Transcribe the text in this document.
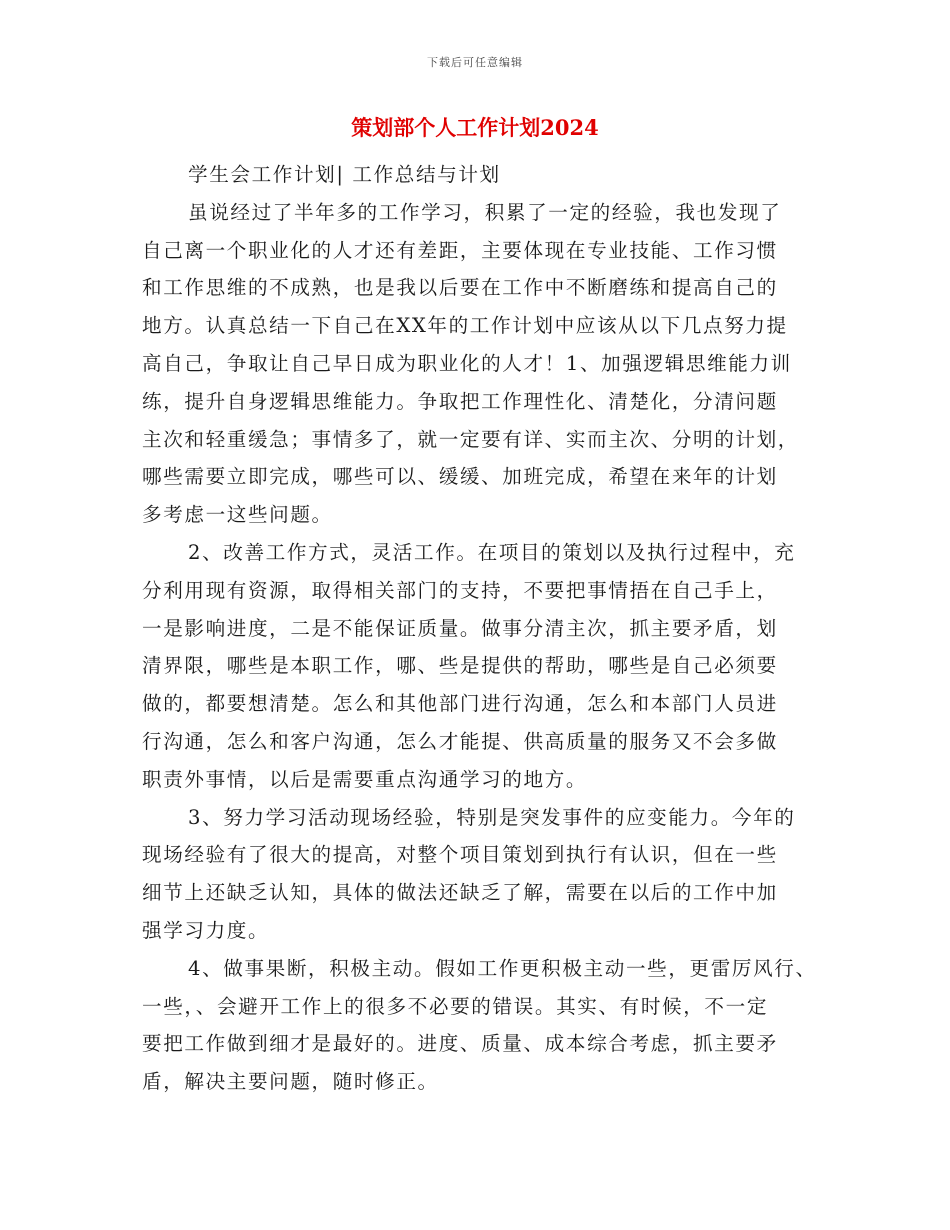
下载后可任意编辑
策划部个人工作计划2024
学生会工作计划| 工作总结与计划
虽说经过了半年多的工作学习，积累了一定的经验，我也发现了
自己离一个职业化的人才还有差距，主要体现在专业技能、工作习惯
和工作思维的不成熟，也是我以后要在工作中不断磨练和提高自己的
地方。认真总结一下自己在XX年的工作计划中应该从以下几点努力提
高自己，争取让自己早日成为职业化的人才！1、加强逻辑思维能力训
练，提升自身逻辑思维能力。争取把工作理性化、清楚化，分清问题
主次和轻重缓急；事情多了，就一定要有详、实而主次、分明的计划，
哪些需要立即完成，哪些可以、缓缓、加班完成，希望在来年的计划
多考虑一这些问题。
2、改善工作方式，灵活工作。在项目的策划以及执行过程中，充
分利用现有资源，取得相关部门的支持，不要把事情捂在自己手上，
一是影响进度，二是不能保证质量。做事分清主次，抓主要矛盾，划
清界限，哪些是本职工作，哪、些是提供的帮助，哪些是自己必须要
做的，都要想清楚。怎么和其他部门进行沟通，怎么和本部门人员进
行沟通，怎么和客户沟通，怎么才能提、供高质量的服务又不会多做
职责外事情，以后是需要重点沟通学习的地方。
3、努力学习活动现场经验，特别是突发事件的应变能力。今年的
现场经验有了很大的提高，对整个项目策划到执行有认识，但在一些
细节上还缺乏认知，具体的做法还缺乏了解，需要在以后的工作中加
强学习力度。
4、做事果断，积极主动。假如工作更积极主动一些，更雷厉风行、
一些，、会避开工作上的很多不必要的错误。其实、有时候，不一定
要把工作做到细才是最好的。进度、质量、成本综合考虑，抓主要矛
盾，解决主要问题，随时修正。
